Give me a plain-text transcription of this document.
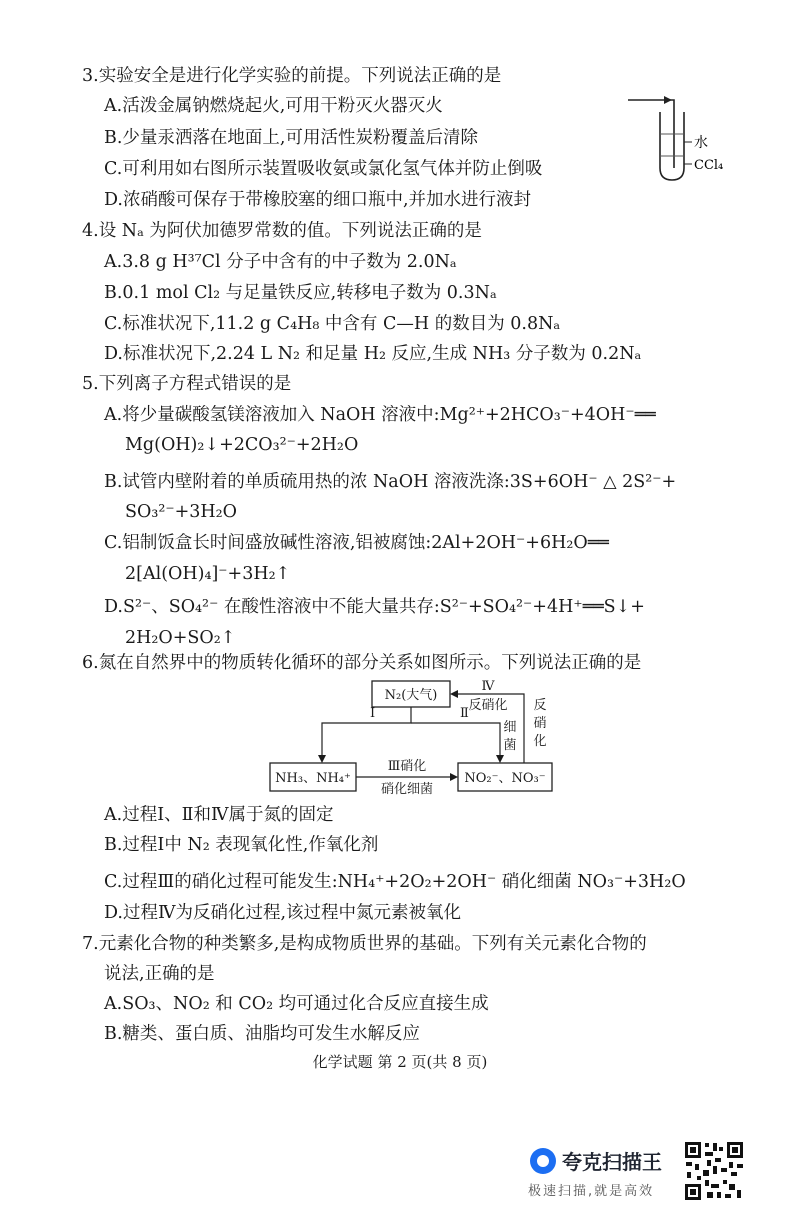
3.实验安全是进行化学实验的前提。下列说法正确的是
A.活泼金属钠燃烧起火,可用干粉灭火器灭火
B.少量汞洒落在地面上,可用活性炭粉覆盖后清除
C.可利用如右图所示装置吸收氨或氯化氢气体并防止倒吸
D.浓硝酸可保存于带橡胶塞的细口瓶中,并加水进行液封
水
CCl₄
4.设 Nₐ 为阿伏加德罗常数的值。下列说法正确的是
A.3.8 g H³⁷Cl 分子中含有的中子数为 2.0Nₐ
B.0.1 mol Cl₂ 与足量铁反应,转移电子数为 0.3Nₐ
C.标准状况下,11.2 g C₄H₈ 中含有 C—H 的数目为 0.8Nₐ
D.标准状况下,2.24 L N₂ 和足量 H₂ 反应,生成 NH₃ 分子数为 0.2Nₐ
5.下列离子方程式错误的是
A.将少量碳酸氢镁溶液加入 NaOH 溶液中:Mg²⁺+2HCO₃⁻+4OH⁻══
Mg(OH)₂↓+2CO₃²⁻+2H₂O
B.试管内壁附着的单质硫用热的浓 NaOH 溶液洗涤:3S+6OH⁻ △ 2S²⁻+
SO₃²⁻+3H₂O
C.铝制饭盒长时间盛放碱性溶液,铝被腐蚀:2Al+2OH⁻+6H₂O══
2[Al(OH)₄]⁻+3H₂↑
D.S²⁻、SO₄²⁻ 在酸性溶液中不能大量共存:S²⁻+SO₄²⁻+4H⁺══S↓+
2H₂O+SO₂↑
6.氮在自然界中的物质转化循环的部分关系如图所示。下列说法正确的是
N₂(大气)
NH₃、NH₄⁺	NO₂⁻、NO₃⁻
Ⅰ	Ⅱ
Ⅲ硝化
硝化细菌
Ⅳ
反硝化
细
菌
反
硝
化
A.过程Ⅰ、Ⅱ和Ⅳ属于氮的固定
B.过程Ⅰ中 N₂ 表现氧化性,作氧化剂
C.过程Ⅲ的硝化过程可能发生:NH₄⁺+2O₂+2OH⁻ 硝化细菌 NO₃⁻+3H₂O
D.过程Ⅳ为反硝化过程,该过程中氮元素被氧化
7.元素化合物的种类繁多,是构成物质世界的基础。下列有关元素化合物的
说法,正确的是
A.SO₃、NO₂ 和 CO₂ 均可通过化合反应直接生成
B.糖类、蛋白质、油脂均可发生水解反应
化学试题 第 2 页(共 8 页)
夸克扫描王
极速扫描,就是高效
